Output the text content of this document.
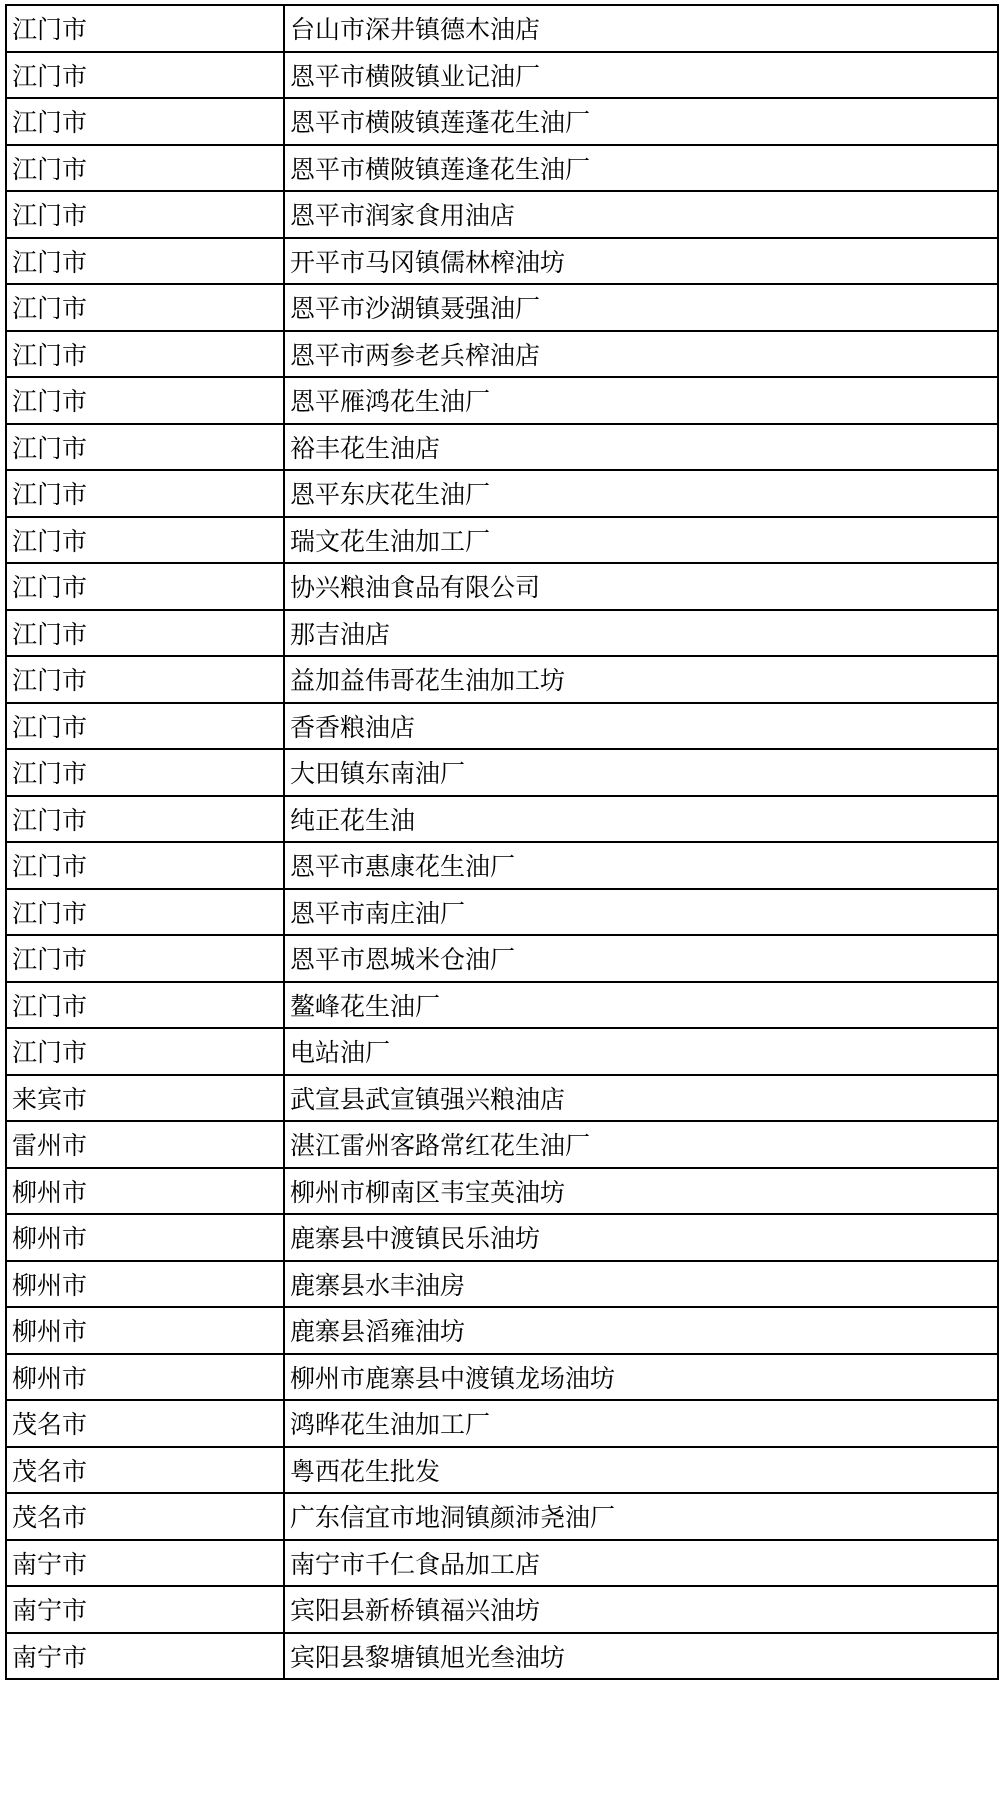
江门市	台山市深井镇德木油店
江门市	恩平市横陂镇业记油厂
江门市	恩平市横陂镇莲蓬花生油厂
江门市	恩平市横陂镇莲逢花生油厂
江门市	恩平市润家食用油店
江门市	开平市马冈镇儒林榨油坊
江门市	恩平市沙湖镇聂强油厂
江门市	恩平市两参老兵榨油店
江门市	恩平雁鸿花生油厂
江门市	裕丰花生油店
江门市	恩平东庆花生油厂
江门市	瑞文花生油加工厂
江门市	协兴粮油食品有限公司
江门市	那吉油店
江门市	益加益伟哥花生油加工坊
江门市	香香粮油店
江门市	大田镇东南油厂
江门市	纯正花生油
江门市	恩平市惠康花生油厂
江门市	恩平市南庄油厂
江门市	恩平市恩城米仓油厂
江门市	鳌峰花生油厂
江门市	电站油厂
来宾市	武宣县武宣镇强兴粮油店
雷州市	湛江雷州客路常红花生油厂
柳州市	柳州市柳南区韦宝英油坊
柳州市	鹿寨县中渡镇民乐油坊
柳州市	鹿寨县水丰油房
柳州市	鹿寨县滔雍油坊
柳州市	柳州市鹿寨县中渡镇龙场油坊
茂名市	鸿晔花生油加工厂
茂名市	粤西花生批发
茂名市	广东信宜市地洞镇颜沛尧油厂
南宁市	南宁市千仁食品加工店
南宁市	宾阳县新桥镇福兴油坊
南宁市	宾阳县黎塘镇旭光叁油坊
